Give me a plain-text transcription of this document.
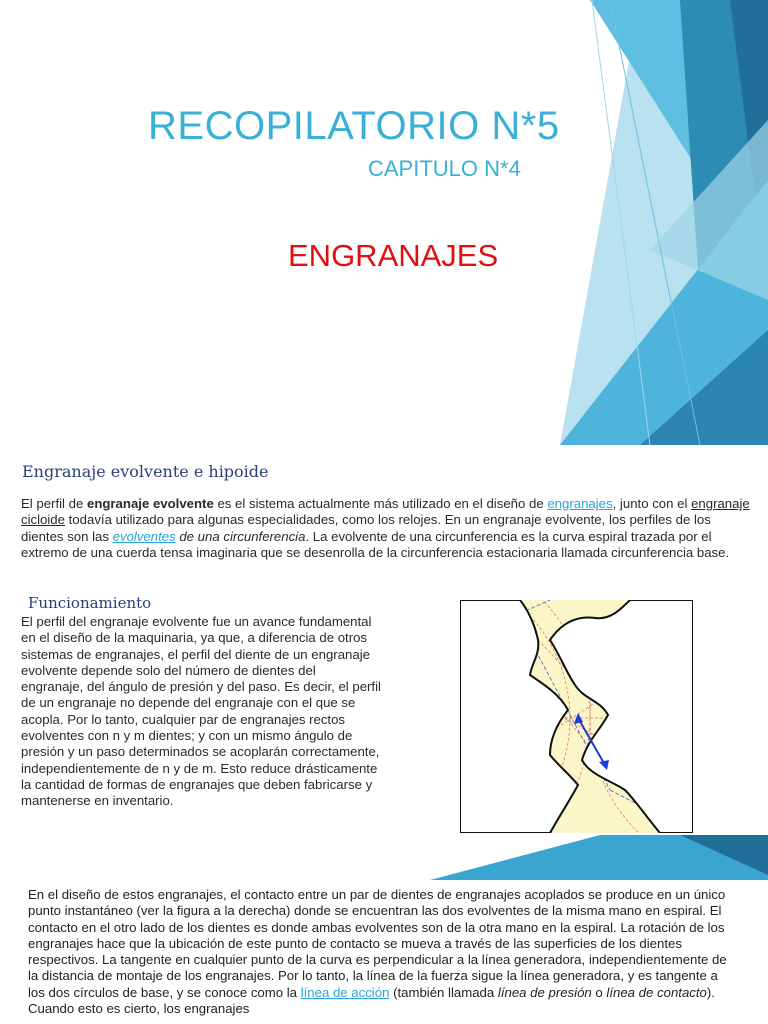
RECOPILATORIO N*5
CAPITULO N*4
ENGRANAJES
Engranaje evolvente e hipoide
El perfil de engranaje evolvente es el sistema actualmente más utilizado en el diseño de engranajes, junto con el engranaje cicloide todavía utilizado para algunas especialidades, como los relojes. En un engranaje evolvente, los perfiles de los dientes son las evolventes de una circunferencia. La evolvente de una circunferencia es la curva espiral trazada por el extremo de una cuerda tensa imaginaria que se desenrolla de la circunferencia estacionaria llamada circunferencia base.
Funcionamiento
El perfil del engranaje evolvente fue un avance fundamental en el diseño de la maquinaria, ya que, a diferencia de otros sistemas de engranajes, el perfil del diente de un engranaje evolvente depende solo del número de dientes del engranaje, del ángulo de presión y del paso. Es decir, el perfil de un engranaje no depende del engranaje con el que se acopla. Por lo tanto, cualquier par de engranajes rectos evolventes con n y m dientes; y con un mismo ángulo de presión y un paso determinados se acoplarán correctamente, independientemente de n y de m. Esto reduce drásticamente la cantidad de formas de engranajes que deben fabricarse y mantenerse en inventario.
En el diseño de estos engranajes, el contacto entre un par de dientes de engranajes acoplados se produce en un único punto instantáneo (ver la figura a la derecha) donde se encuentran las dos evolventes de la misma mano en espiral. El contacto en el otro lado de los dientes es donde ambas evolventes son de la otra mano en la espiral. La rotación de los engranajes hace que la ubicación de este punto de contacto se mueva a través de las superficies de los dientes respectivos. La tangente en cualquier punto de la curva es perpendicular a la línea generadora, independientemente de la distancia de montaje de los engranajes. Por lo tanto, la línea de la fuerza sigue la línea generadora, y es tangente a los dos círculos de base, y se conoce como la línea de acción (también llamada línea de presión o línea de contacto). Cuando esto es cierto, los engranajes
